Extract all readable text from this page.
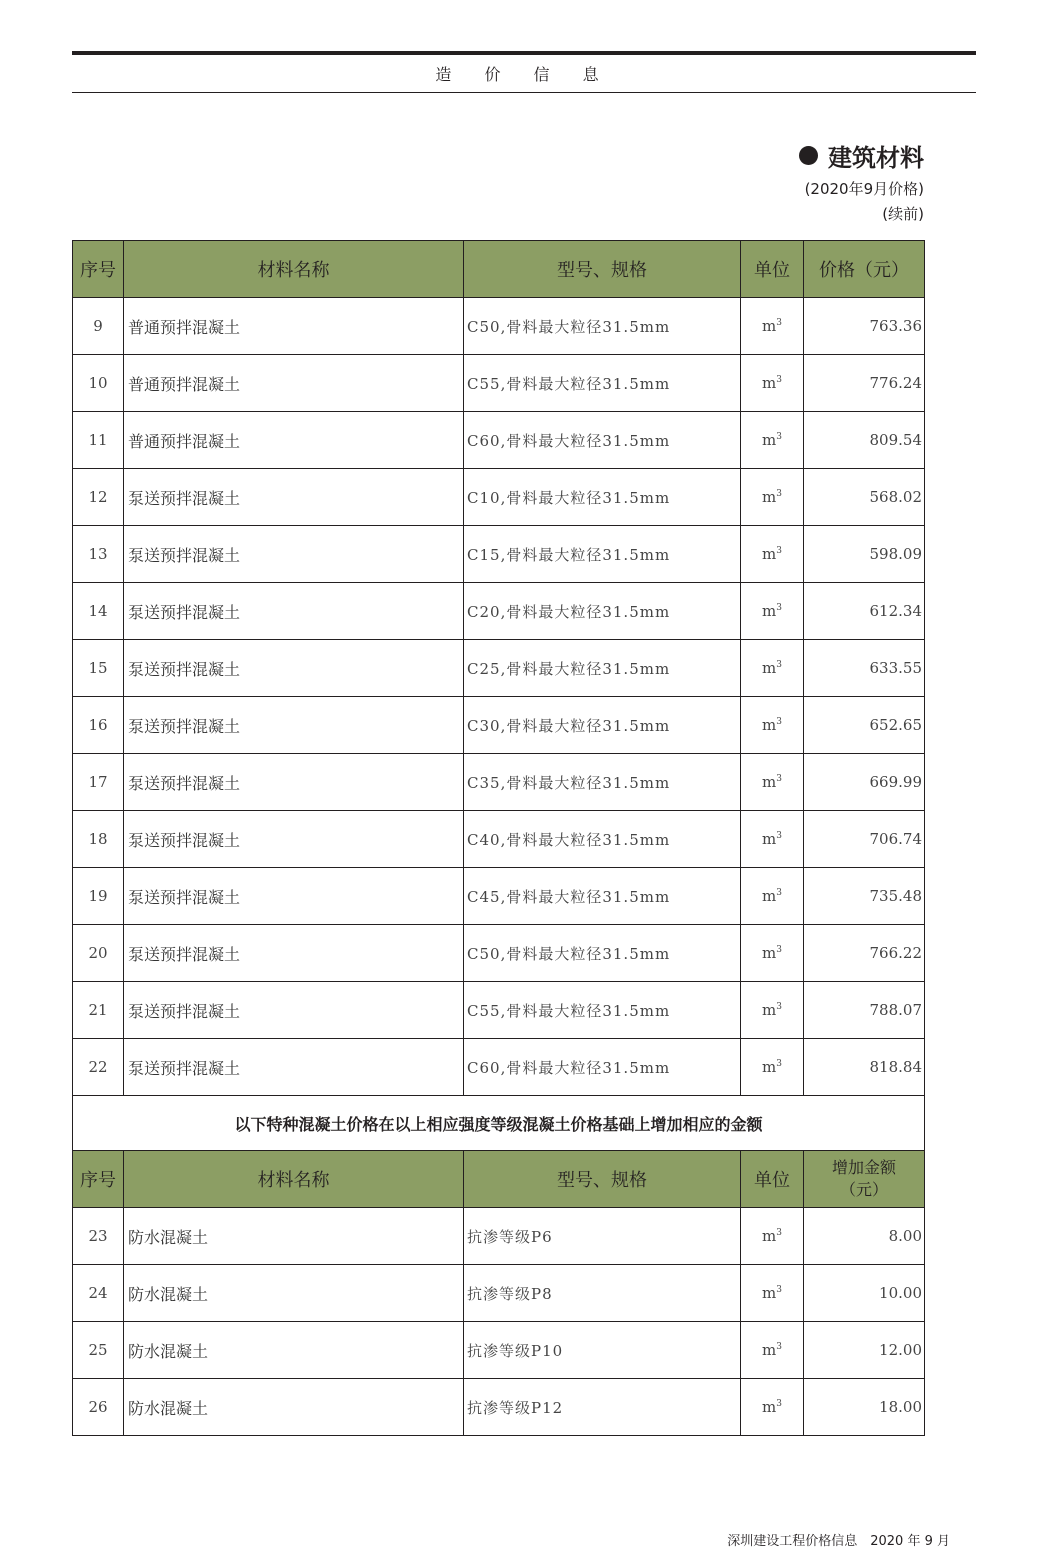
造 价 信 息
建筑材料
(2020年9月价格)
(续前)
序号	材料名称	型号、规格	单位	价格（元）
9	普通预拌混凝土	C50,骨料最大粒径31.5mm	$m^3$	763.36
10	普通预拌混凝土	C55,骨料最大粒径31.5mm	$m^3$	776.24
11	普通预拌混凝土	C60,骨料最大粒径31.5mm	$m^3$	809.54
12	泵送预拌混凝土	C10,骨料最大粒径31.5mm	$m^3$	568.02
13	泵送预拌混凝土	C15,骨料最大粒径31.5mm	$m^3$	598.09
14	泵送预拌混凝土	C20,骨料最大粒径31.5mm	$m^3$	612.34
15	泵送预拌混凝土	C25,骨料最大粒径31.5mm	$m^3$	633.55
16	泵送预拌混凝土	C30,骨料最大粒径31.5mm	$m^3$	652.65
17	泵送预拌混凝土	C35,骨料最大粒径31.5mm	$m^3$	669.99
18	泵送预拌混凝土	C40,骨料最大粒径31.5mm	$m^3$	706.74
19	泵送预拌混凝土	C45,骨料最大粒径31.5mm	$m^3$	735.48
20	泵送预拌混凝土	C50,骨料最大粒径31.5mm	$m^3$	766.22
21	泵送预拌混凝土	C55,骨料最大粒径31.5mm	$m^3$	788.07
22	泵送预拌混凝土	C60,骨料最大粒径31.5mm	$m^3$	818.84
以下特种混凝土价格在以上相应强度等级混凝土价格基础上增加相应的金额				
序号	材料名称	型号、规格	单位	增加金额
（元）
23	防水混凝土	抗渗等级P6	$m^3$	8.00
24	防水混凝土	抗渗等级P8	$m^3$	10.00
25	防水混凝土	抗渗等级P10	$m^3$	12.00
26	防水混凝土	抗渗等级P12	$m^3$	18.00
深圳建设工程价格信息　2020 年 9 月
